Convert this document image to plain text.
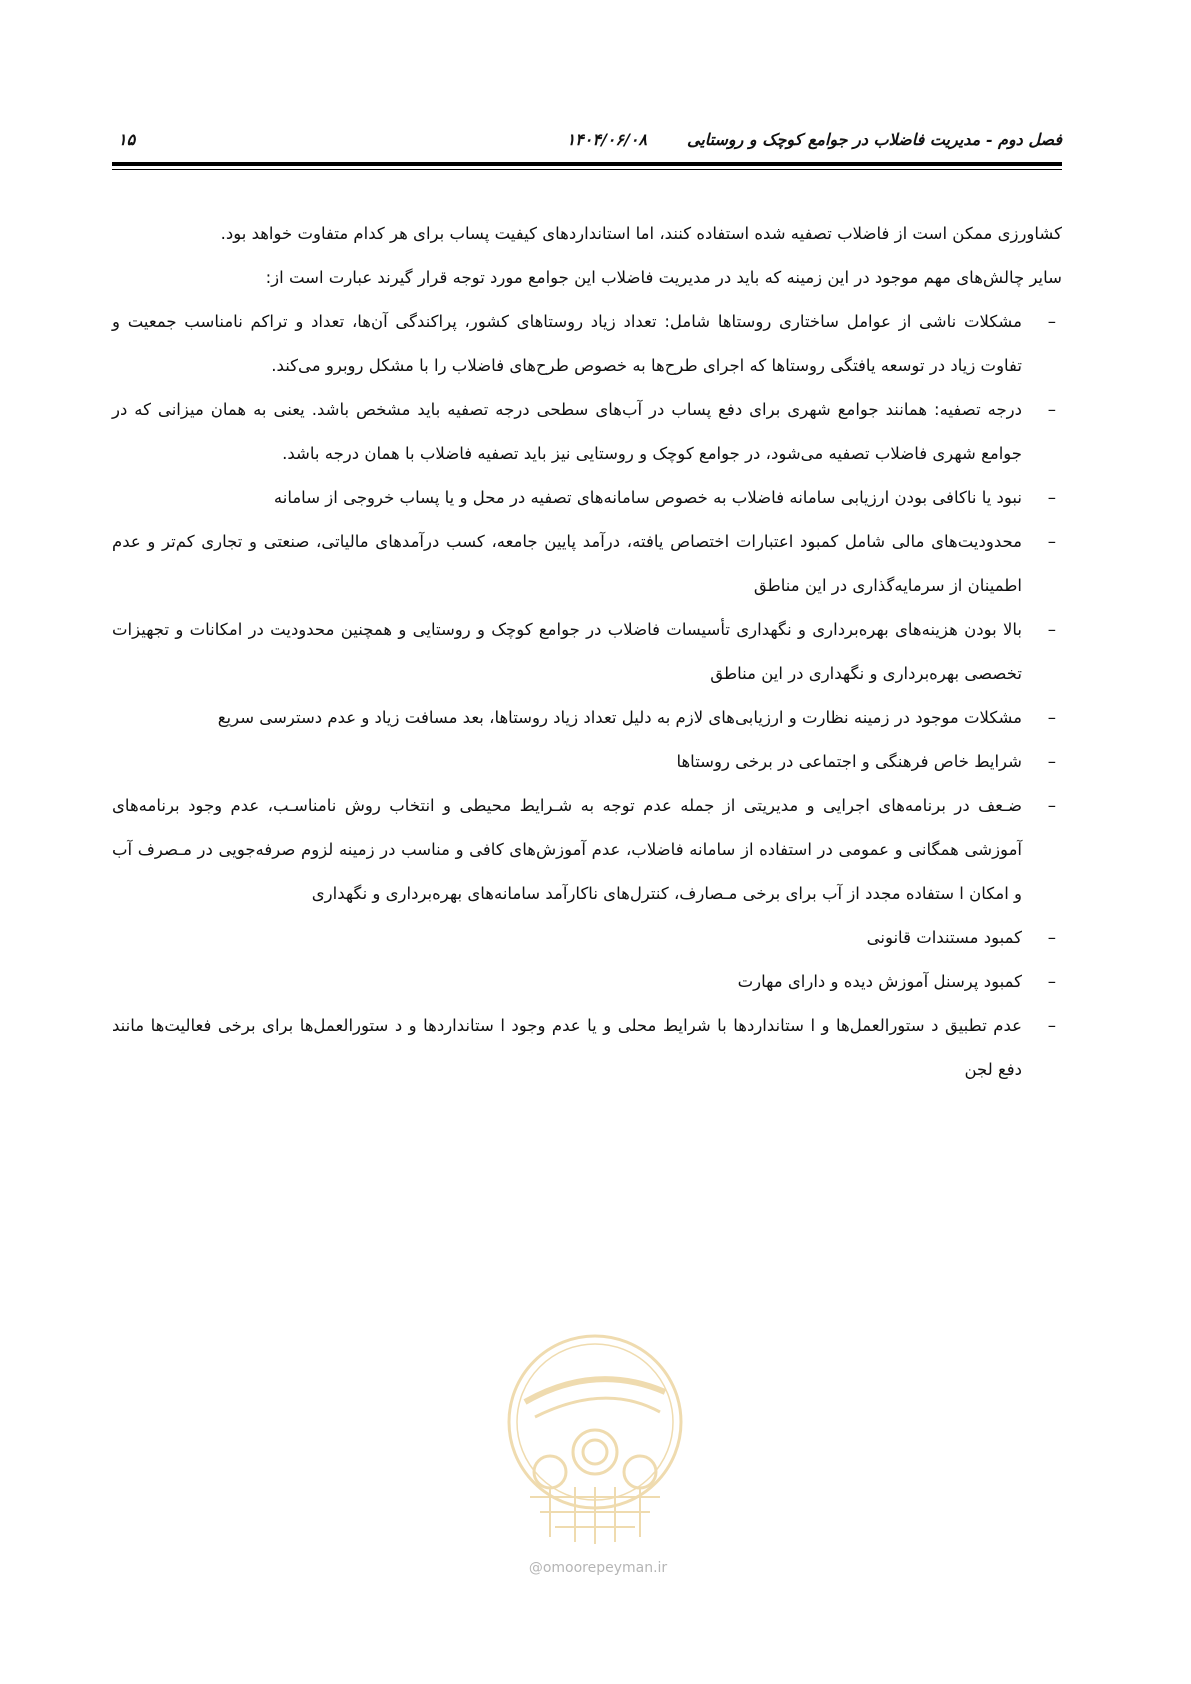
فصل دوم - مدیریت فاضلاب در جوامع کوچک و روستایی
۱۴۰۴/۰۶/۰۸
۱۵

کشاورزی ممکن است از فاضلاب تصفیه شده استفاده کنند، اما استانداردهای کیفیت پساب برای هر کدام متفاوت خواهد بود.

سایر چالش‌های مهم موجود در این زمینه که باید در مدیریت فاضلاب این جوامع مورد توجه قرار گیرند عبارت است از:

– مشکلات ناشی از عوامل ساختاری روستاها شامل: تعداد زیاد روستاهای کشور، پراکندگی آن‌ها، تعداد و تراکم نامناسب جمعیت و تفاوت زیاد در توسعه یافتگی روستاها که اجرای طرح‌ها به خصوص طرح‌های فاضلاب را با مشکل روبرو می‌کند.
– درجه تصفیه: همانند جوامع شهری برای دفع پساب در آب‌های سطحی درجه تصفیه باید مشخص باشد. یعنی به همان میزانی که در جوامع شهری فاضلاب تصفیه می‌شود، در جوامع کوچک و روستایی نیز باید تصفیه فاضلاب با همان درجه باشد.
– نبود یا ناکافی بودن ارزیابی سامانه فاضلاب به خصوص سامانه‌های تصفیه در محل و یا پساب خروجی از سامانه
– محدودیت‌های مالی شامل کمبود اعتبارات اختصاص یافته، درآمد پایین جامعه، کسب درآمدهای مالیاتی، صنعتی و تجاری کم‌تر و عدم اطمینان از سرمایه‌گذاری در این مناطق
– بالا بودن هزینه‌های بهره‌برداری و نگهداری تأسیسات فاضلاب در جوامع کوچک و روستایی و همچنین محدودیت در امکانات و تجهیزات تخصصی بهره‌برداری و نگهداری در این مناطق
– مشکلات موجود در زمینه نظارت و ارزیابی‌های لازم به دلیل تعداد زیاد روستاها، بعد مسافت زیاد و عدم دسترسی سریع
– شرایط خاص فرهنگی و اجتماعی در برخی روستاها
– ضـعف در برنامه‌های اجرایی و مدیریتی از جمله عدم توجه به شـرایط محیطی و انتخاب روش نامناسـب، عدم وجود برنامه‌های آموزشی همگانی و عمومی در استفاده از سامانه فاضلاب، عدم آموزش‌های کافی و مناسب در زمینه لزوم صرفه‌جویی در مـصرف آب و امکان ا ستفاده مجدد از آب برای برخی مـصارف، کنترل‌های ناکارآمد سامانه‌های بهره‌برداری و نگهداری
– کمبود مستندات قانونی
– کمبود پرسنل آموزش دیده و دارای مهارت
– عدم تطبیق د ستورالعمل‌ها و ا ستانداردها با شرایط محلی و یا عدم وجود ا ستانداردها و د ستورالعمل‌ها برای برخی فعالیت‌ها مانند دفع لجن
@omoorepeyman.ir
